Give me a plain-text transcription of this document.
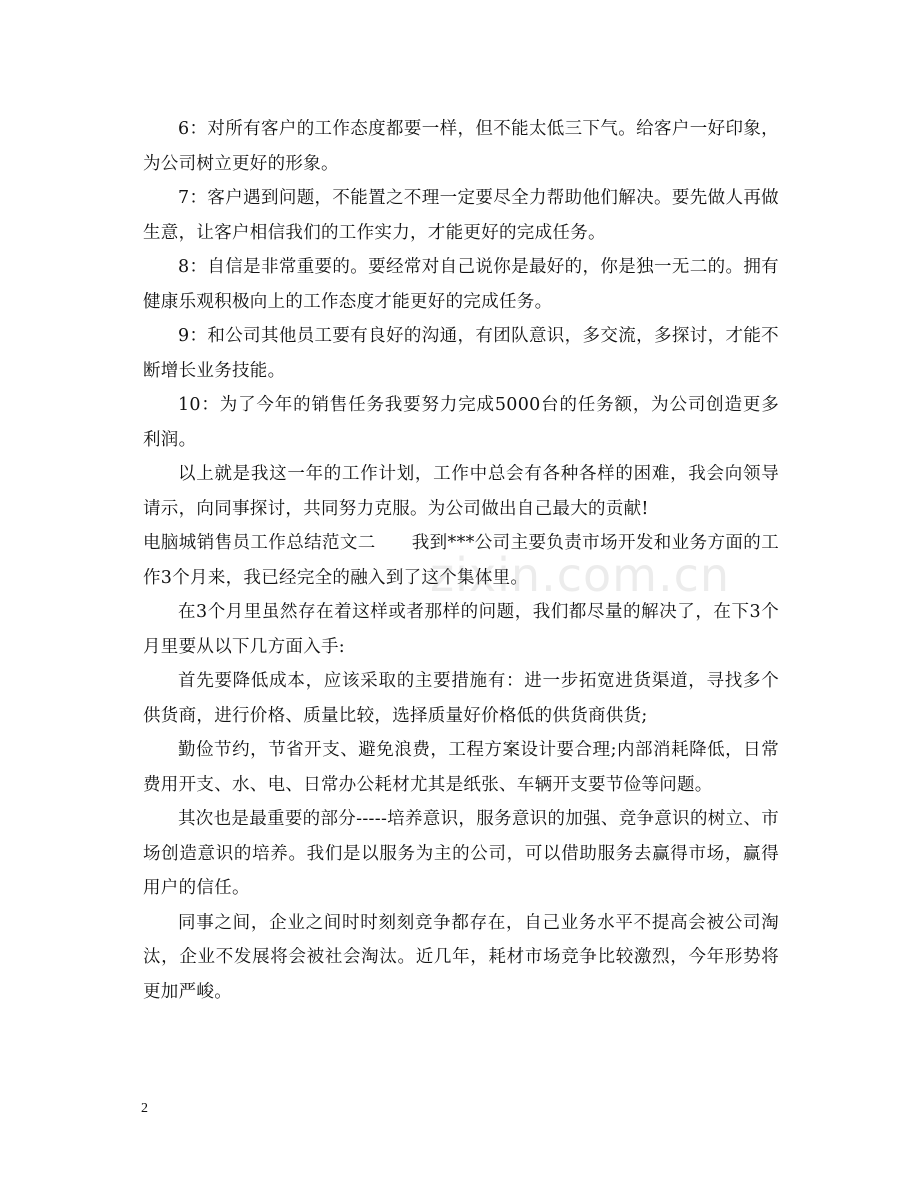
6：对所有客户的工作态度都要一样，但不能太低三下气。给客户一好印象，为公司树立更好的形象。

7：客户遇到问题，不能置之不理一定要尽全力帮助他们解决。要先做人再做生意，让客户相信我们的工作实力，才能更好的完成任务。

8：自信是非常重要的。要经常对自己说你是最好的，你是独一无二的。拥有健康乐观积极向上的工作态度才能更好的完成任务。

9：和公司其他员工要有良好的沟通，有团队意识，多交流，多探讨，才能不断增长业务技能。

10：为了今年的销售任务我要努力完成5000台的任务额，为公司创造更多利润。

以上就是我这一年的工作计划，工作中总会有各种各样的困难，我会向领导请示，向同事探讨，共同努力克服。为公司做出自己最大的贡献!

电脑城销售员工作总结范文二 我到***公司主要负责市场开发和业务方面的工作3个月来，我已经完全的融入到了这个集体里。

在3个月里虽然存在着这样或者那样的问题，我们都尽量的解决了，在下3个月里要从以下几方面入手:

首先要降低成本，应该采取的主要措施有：进一步拓宽进货渠道，寻找多个供货商，进行价格、质量比较，选择质量好价格低的供货商供货;

勤俭节约，节省开支、避免浪费，工程方案设计要合理;内部消耗降低，日常费用开支、水、电、日常办公耗材尤其是纸张、车辆开支要节俭等问题。

其次也是最重要的部分-----培养意识，服务意识的加强、竞争意识的树立、市场创造意识的培养。我们是以服务为主的公司，可以借助服务去赢得市场，赢得用户的信任。

同事之间，企业之间时时刻刻竞争都存在，自己业务水平不提高会被公司淘汰，企业不发展将会被社会淘汰。近几年，耗材市场竞争比较激烈，今年形势将更加严峻。

zixin.com.cn
2
